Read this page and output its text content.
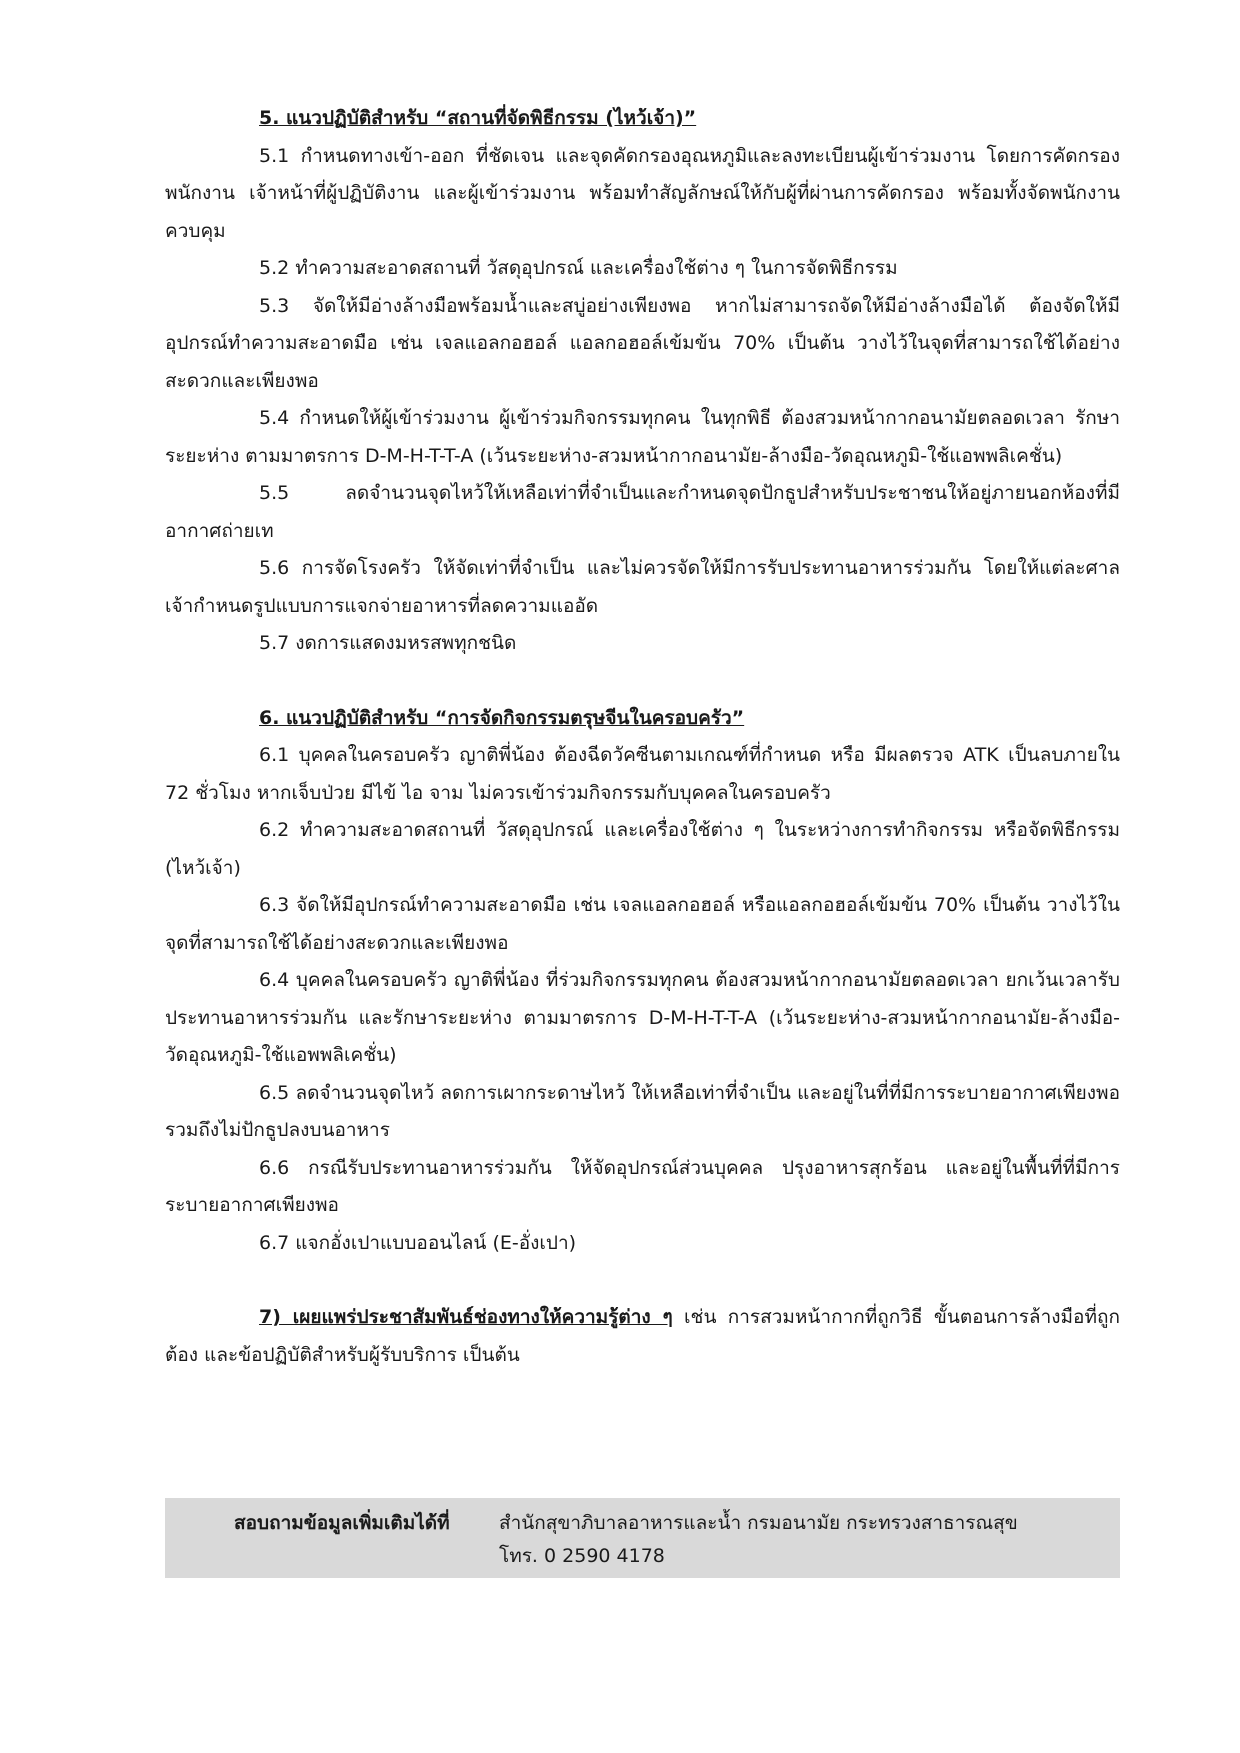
5. แนวปฏิบัติสำหรับ “สถานที่จัดพิธีกรรม (ไหว้เจ้า)”

5.1 กำหนดทางเข้า-ออก ที่ชัดเจน และจุดคัดกรองอุณหภูมิและลงทะเบียนผู้เข้าร่วมงาน โดยการคัดกรองพนักงาน เจ้าหน้าที่ผู้ปฏิบัติงาน และผู้เข้าร่วมงาน พร้อมทำสัญลักษณ์ให้กับผู้ที่ผ่านการคัดกรอง พร้อมทั้งจัดพนักงานควบคุม

5.2 ทำความสะอาดสถานที่ วัสดุอุปกรณ์ และเครื่องใช้ต่าง ๆ ในการจัดพิธีกรรม

5.3 จัดให้มีอ่างล้างมือพร้อมน้ำและสบู่อย่างเพียงพอ หากไม่สามารถจัดให้มีอ่างล้างมือได้ ต้องจัดให้มีอุปกรณ์ทำความสะอาดมือ เช่น เจลแอลกอฮอล์ แอลกอฮอล์เข้มข้น 70% เป็นต้น วางไว้ในจุดที่สามารถใช้ได้อย่างสะดวกและเพียงพอ

5.4 กำหนดให้ผู้เข้าร่วมงาน ผู้เข้าร่วมกิจกรรมทุกคน ในทุกพิธี ต้องสวมหน้ากากอนามัยตลอดเวลา รักษาระยะห่าง ตามมาตรการ D-M-H-T-T-A (เว้นระยะห่าง-สวมหน้ากากอนามัย-ล้างมือ-วัดอุณหภูมิ-ใช้แอพพลิเคชั่น)

5.5 ลดจำนวนจุดไหว้ให้เหลือเท่าที่จำเป็นและกำหนดจุดปักธูปสำหรับประชาชนให้อยู่ภายนอกห้องที่มีอากาศถ่ายเท

5.6 การจัดโรงครัว ให้จัดเท่าที่จำเป็น และไม่ควรจัดให้มีการรับประทานอาหารร่วมกัน โดยให้แต่ละศาลเจ้ากำหนดรูปแบบการแจกจ่ายอาหารที่ลดความแออัด

5.7 งดการแสดงมหรสพทุกชนิด

6. แนวปฏิบัติสำหรับ “การจัดกิจกรรมตรุษจีนในครอบครัว”

6.1 บุคคลในครอบครัว ญาติพี่น้อง ต้องฉีดวัคซีนตามเกณฑ์ที่กำหนด หรือ มีผลตรวจ ATK เป็นลบภายใน 72 ชั่วโมง หากเจ็บป่วย มีไข้ ไอ จาม ไม่ควรเข้าร่วมกิจกรรมกับบุคคลในครอบครัว

6.2 ทำความสะอาดสถานที่ วัสดุอุปกรณ์ และเครื่องใช้ต่าง ๆ ในระหว่างการทำกิจกรรม หรือจัดพิธีกรรม (ไหว้เจ้า)

6.3 จัดให้มีอุปกรณ์ทำความสะอาดมือ เช่น เจลแอลกอฮอล์ หรือแอลกอฮอล์เข้มข้น 70% เป็นต้น วางไว้ในจุดที่สามารถใช้ได้อย่างสะดวกและเพียงพอ

6.4 บุคคลในครอบครัว ญาติพี่น้อง ที่ร่วมกิจกรรมทุกคน ต้องสวมหน้ากากอนามัยตลอดเวลา ยกเว้นเวลารับประทานอาหารร่วมกัน และรักษาระยะห่าง ตามมาตรการ D-M-H-T-T-A (เว้นระยะห่าง-สวมหน้ากากอนามัย-ล้างมือ-วัดอุณหภูมิ-ใช้แอพพลิเคชั่น)

6.5 ลดจำนวนจุดไหว้ ลดการเผากระดาษไหว้ ให้เหลือเท่าที่จำเป็น และอยู่ในที่ที่มีการระบายอากาศเพียงพอ รวมถึงไม่ปักธูปลงบนอาหาร

6.6 กรณีรับประทานอาหารร่วมกัน ให้จัดอุปกรณ์ส่วนบุคคล ปรุงอาหารสุกร้อน และอยู่ในพื้นที่ที่มีการระบายอากาศเพียงพอ

6.7 แจกอั่งเปาแบบออนไลน์ (E-อั่งเปา)

7) เผยแพร่ประชาสัมพันธ์ช่องทางให้ความรู้ต่าง ๆ เช่น การสวมหน้ากากที่ถูกวิธี ขั้นตอนการล้างมือที่ถูกต้อง และข้อปฏิบัติสำหรับผู้รับบริการ เป็นต้น

สอบถามข้อมูลเพิ่มเติมได้ที่	สำนักสุขาภิบาลอาหารและน้ำ กรมอนามัย กระทรวงสาธารณสุข
โทร. 0 2590 4178
